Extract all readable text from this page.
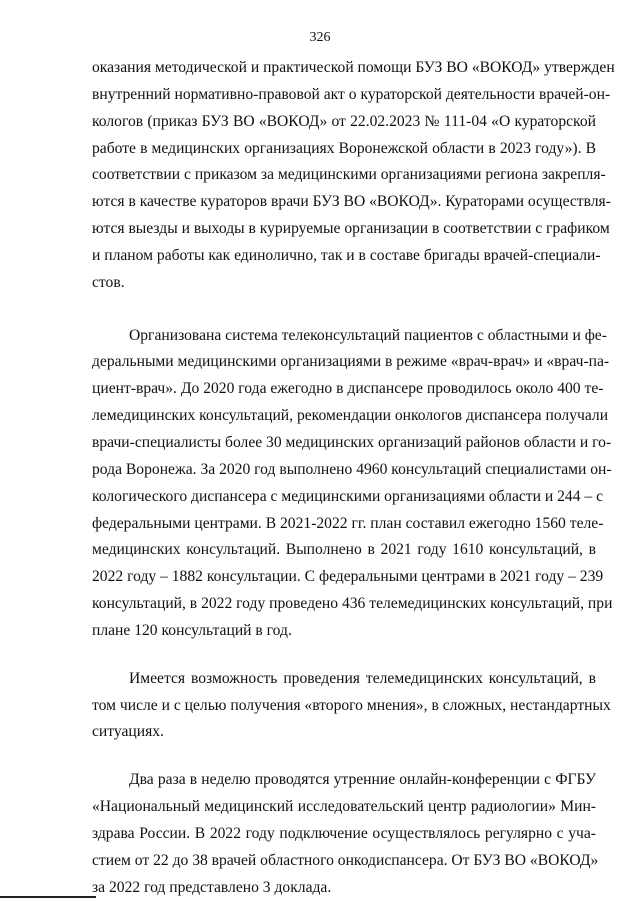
326
оказания методической и практической помощи БУЗ ВО «ВОКОД» утвержден
внутренний нормативно-правовой акт о кураторской деятельности врачей-он-
кологов (приказ БУЗ ВО «ВОКОД» от 22.02.2023 № 111-04 «О кураторской
работе в медицинских организациях Воронежской области в 2023 году»). В
соответствии с приказом за медицинскими организациями региона закрепля-
ются в качестве кураторов врачи БУЗ ВО «ВОКОД». Кураторами осуществля-
ются выезды и выходы в курируемые организации в соответствии с графиком
и планом работы как единолично, так и в составе бригады врачей-специали-
стов.
Организована система телеконсультаций пациентов с областными и фе-
деральными медицинскими организациями в режиме «врач-врач» и «врач-па-
циент-врач». До 2020 года ежегодно в диспансере проводилось около 400 те-
лемедицинских консультаций, рекомендации онкологов диспансера получали
врачи-специалисты более 30 медицинских организаций районов области и го-
рода Воронежа. За 2020 год выполнено 4960 консультаций специалистами он-
кологического диспансера с медицинскими организациями области и 244 – с
федеральными центрами. В 2021-2022 гг. план составил ежегодно 1560 теле-
медицинских консультаций. Выполнено в 2021 году 1610 консультаций, в
2022 году – 1882 консультации. С федеральными центрами в 2021 году – 239
консультаций, в 2022 году проведено 436 телемедицинских консультаций, при
плане 120 консультаций в год.
Имеется возможность проведения телемедицинских консультаций, в
том числе и с целью получения «второго мнения», в сложных, нестандартных
ситуациях.
Два раза в неделю проводятся утренние онлайн-конференции с ФГБУ
«Национальный медицинский исследовательский центр радиологии» Мин-
здрава России. В 2022 году подключение осуществлялось регулярно с уча-
стием от 22 до 38 врачей областного онкодиспансера. От БУЗ ВО «ВОКОД»
за 2022 год представлено 3 доклада.
